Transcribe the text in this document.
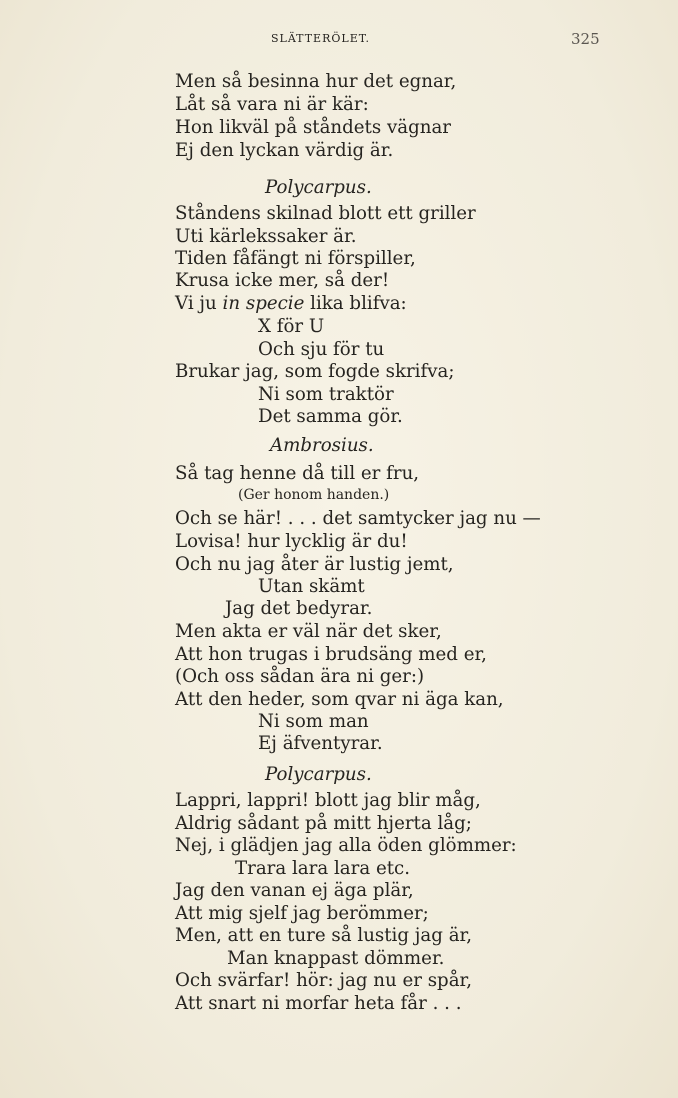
SLÄTTERÖLET.	325
Men så besinna hur det egnar,
Låt så vara ni är kär:
Hon likväl på ståndets vägnar
Ej den lyckan värdig är.
Polycarpus.
Ståndens skilnad blott ett griller
Uti kärlekssaker är.
Tiden fåfängt ni förspiller,
Krusa icke mer, så der!
Vi ju in specie lika blifva:
X för U
Och sju för tu
Brukar jag, som fogde skrifva;
Ni som traktör
Det samma gör.
Ambrosius.
Så tag henne då till er fru,
(Ger honom handen.)
Och se här! . . . det samtycker jag nu —
Lovisa! hur lycklig är du!
Och nu jag åter är lustig jemt,
Utan skämt
Jag det bedyrar.
Men akta er väl när det sker,
Att hon trugas i brudsäng med er,
(Och oss sådan ära ni ger:)
Att den heder, som qvar ni äga kan,
Ni som man
Ej äfventyrar.
Polycarpus.
Lappri, lappri! blott jag blir måg,
Aldrig sådant på mitt hjerta låg;
Nej, i glädjen jag alla öden glömmer:
Trara lara lara etc.
Jag den vanan ej äga plär,
Att mig sjelf jag berömmer;
Men, att en ture så lustig jag är,
Man knappast dömmer.
Och svärfar! hör: jag nu er spår,
Att snart ni morfar heta får . . .
